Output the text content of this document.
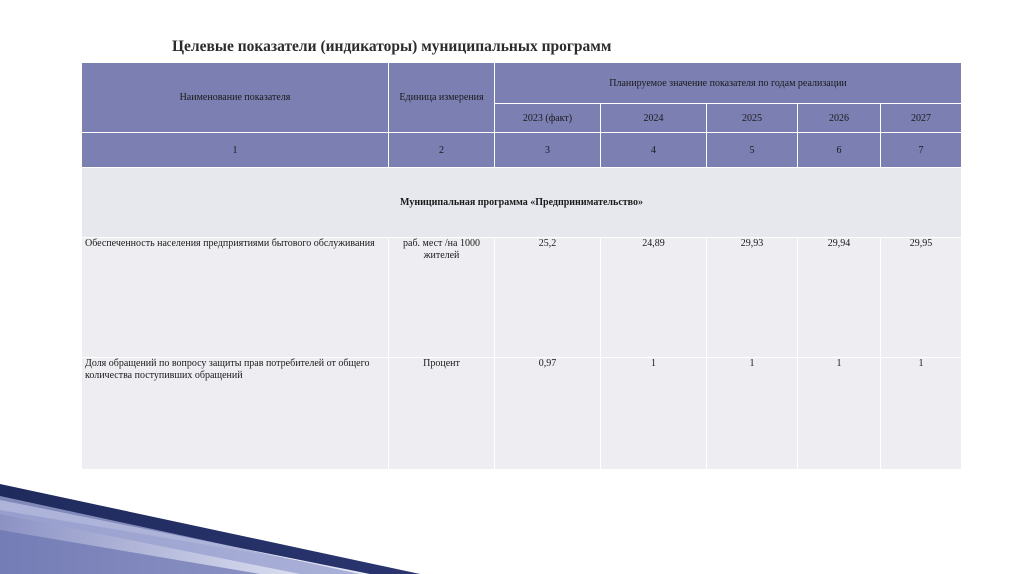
Целевые показатели (индикаторы) муниципальных программ
Наименование показателя	Единица измерения	Планируемое значение показателя по годам реализации				
		2023 (факт)	2024	2025	2026	2027
1	2	3	4	5	6	7
Муниципальная программа «Предпринимательство»						
Обеспеченность населения предприятиями бытового обслуживания	раб. мест /на 1000 жителей	25,2	24,89	29,93	29,94	29,95
Доля обращений по вопросу защиты прав потребителей от общего количества поступивших обращений	Процент	0,97	1	1	1	1
